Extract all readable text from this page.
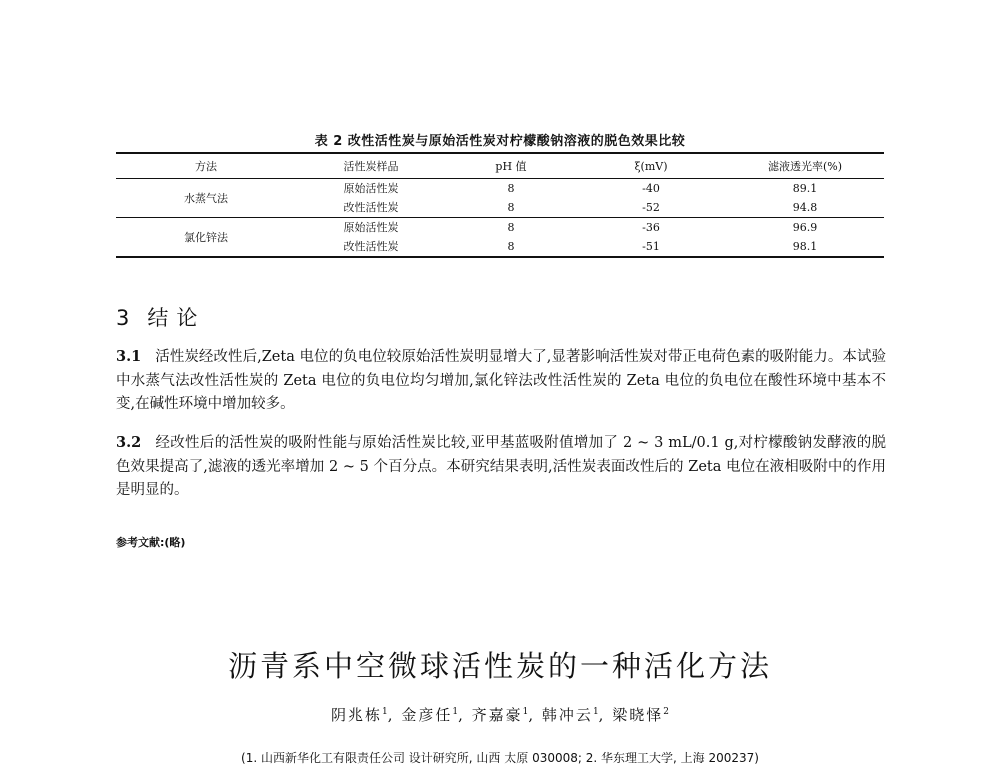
表 2 改性活性炭与原始活性炭对柠檬酸钠溶液的脱色效果比较
方法	活性炭样品	pH 值	ξ(mV)	滤液透光率(%)
水蒸气法	原始活性炭	8	-40	89.1
	改性活性炭	8	-52	94.8
氯化锌法	原始活性炭	8	-36	96.9
	改性活性炭	8	-51	98.1
3 结论
3.1 活性炭经改性后,Zeta 电位的负电位较原始活性炭明显增大了,显著影响活性炭对带正电荷色素的吸附能力。本试验中水蒸气法改性活性炭的 Zeta 电位的负电位均匀增加,氯化锌法改性活性炭的 Zeta 电位的负电位在酸性环境中基本不变,在碱性环境中增加较多。
3.2 经改性后的活性炭的吸附性能与原始活性炭比较,亚甲基蓝吸附值增加了 2 ~ 3 mL/0.1 g,对柠檬酸钠发酵液的脱色效果提高了,滤液的透光率增加 2 ~ 5 个百分点。本研究结果表明,活性炭表面改性后的 Zeta 电位在液相吸附中的作用是明显的。
参考文献:(略)
沥青系中空微球活性炭的一种活化方法
阴兆栋$^1$, 金彦任$^1$, 齐嘉豪$^1$, 韩冲云$^1$, 梁晓怿$^2$
(1. 山西新华化工有限责任公司 设计研究所, 山西 太原 030008; 2. 华东理工大学, 上海 200237)
